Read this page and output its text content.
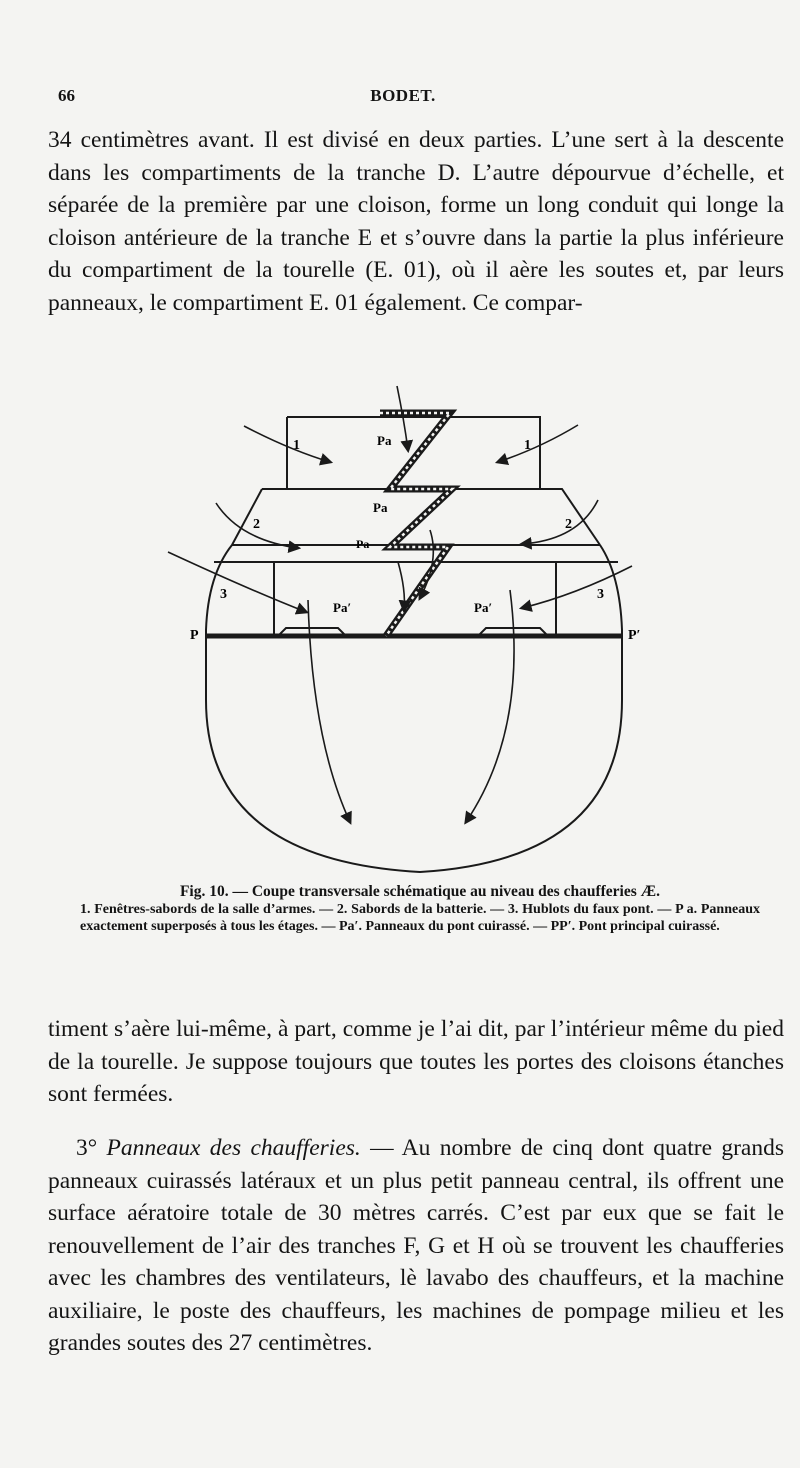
66	BODET.

34 centimètres avant. Il est divisé en deux parties. L’une sert à la descente dans les compartiments de la tranche D. L’autre dépourvue d’échelle, et séparée de la première par une cloison, forme un long conduit qui longe la cloison antérieure de la tranche E et s’ouvre dans la partie la plus inférieure du compartiment de la tourelle (E. 01), où il aère les soutes et, par leurs panneaux, le compartiment E. 01 également. Ce compar-

1	1
Pa
Pa
Pa
2	2
3	3
Pa′	Pa′
P	P′
Fig. 10. — Coupe transversale schématique au niveau des chaufferies Æ.
1. Fenêtres-sabords de la salle d’armes. — 2. Sabords de la batterie. — 3. Hublots du faux pont. — P a. Panneaux exactement superposés à tous les étages. — Pa′. Panneaux du pont cuirassé. — PP′. Pont principal cuirassé.

timent s’aère lui-même, à part, comme je l’ai dit, par l’intérieur même du pied de la tourelle. Je suppose toujours que toutes les portes des cloisons étanches sont fermées.

3° Panneaux des chaufferies. — Au nombre de cinq dont quatre grands panneaux cuirassés latéraux et un plus petit panneau central, ils offrent une surface aératoire totale de 30 mètres carrés. C’est par eux que se fait le renouvellement de l’air des tranches F, G et H où se trouvent les chaufferies avec les chambres des ventilateurs, lè lavabo des chauffeurs, et la machine auxiliaire, le poste des chauffeurs, les machines de pompage milieu et les grandes soutes des 27 centimètres.
